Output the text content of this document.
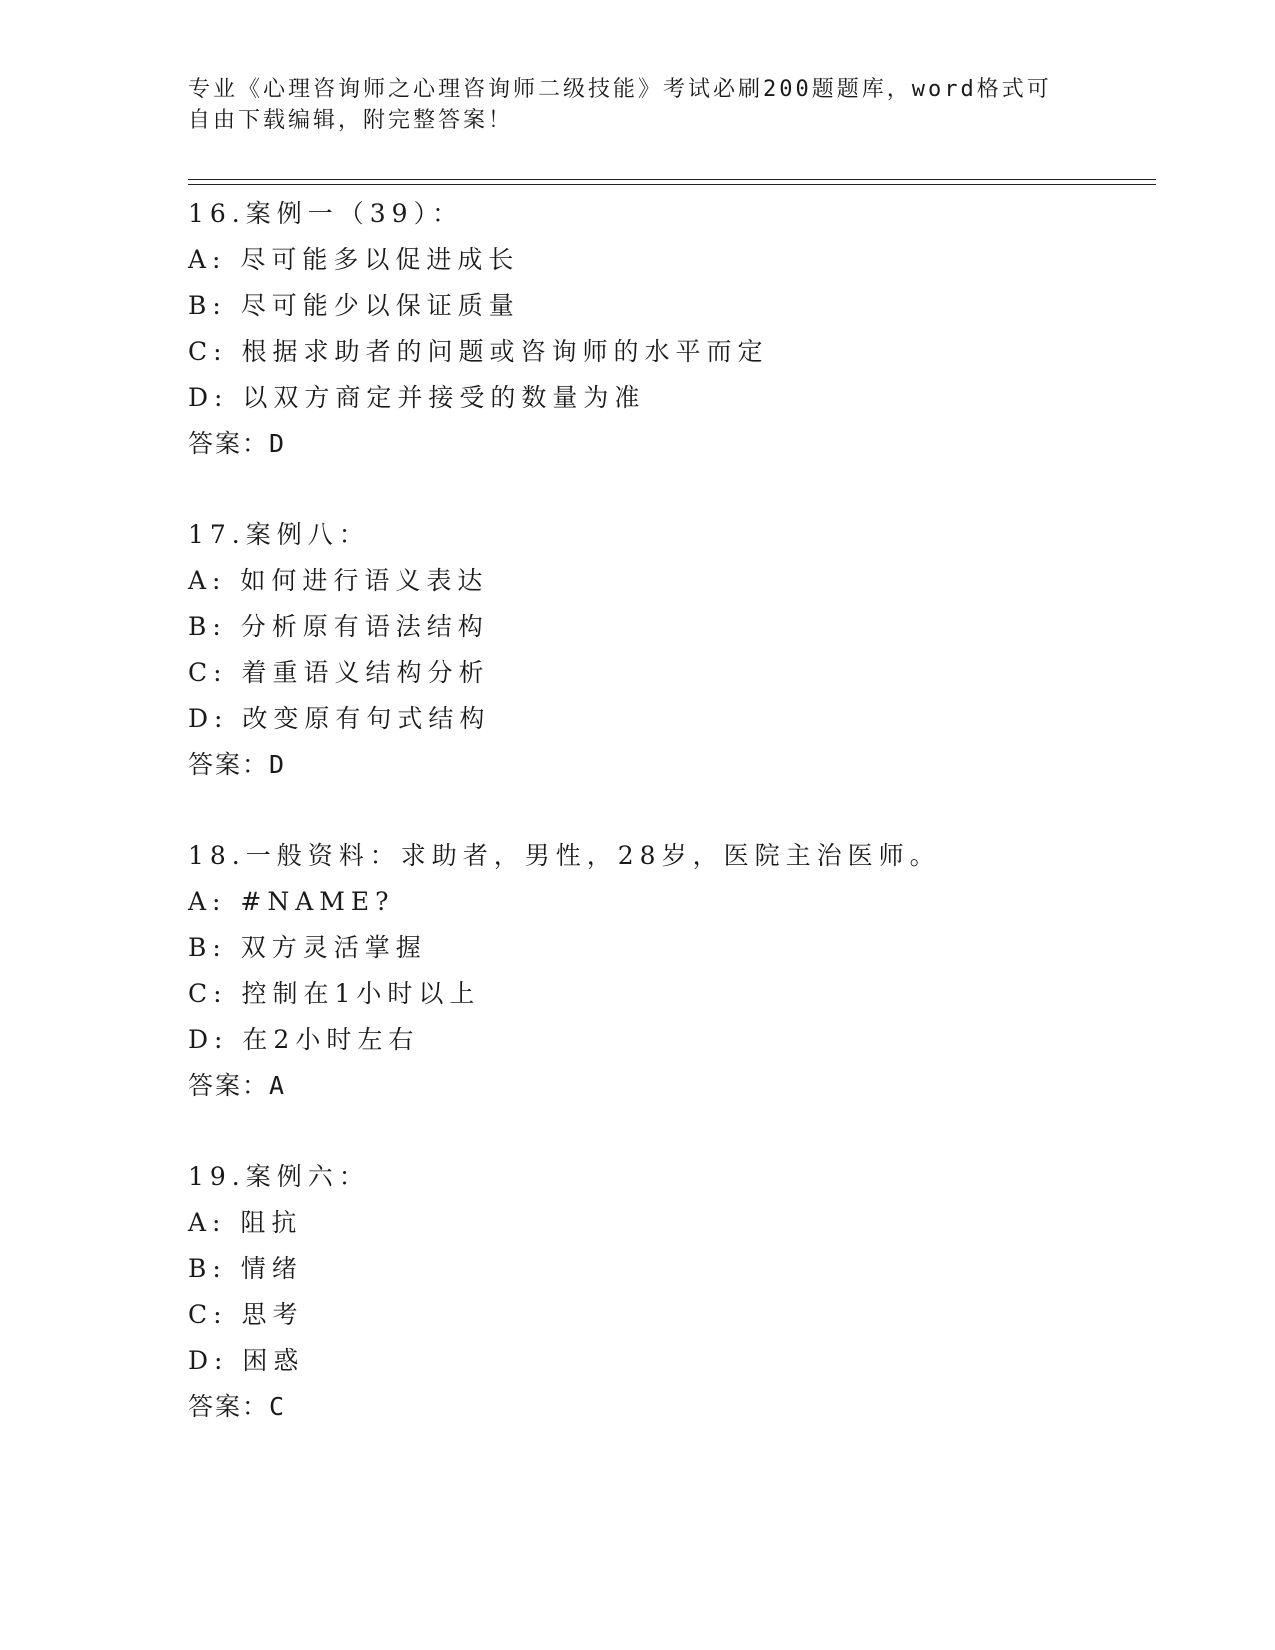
专业《心理咨询师之心理咨询师二级技能》考试必刷200题题库，word格式可自由下载编辑，附完整答案！
16.案例一（39）：
A: 尽可能多以促进成长
B: 尽可能少以保证质量
C: 根据求助者的问题或咨询师的水平而定
D: 以双方商定并接受的数量为准
答案：D
17.案例八：
A: 如何进行语义表达
B: 分析原有语法结构
C: 着重语义结构分析
D: 改变原有句式结构
答案：D
18.一般资料：求助者，男性，28岁，医院主治医师。
A: #NAME?
B: 双方灵活掌握
C: 控制在1小时以上
D: 在2小时左右
答案：A
19.案例六：
A: 阻抗
B: 情绪
C: 思考
D: 困惑
答案：C
